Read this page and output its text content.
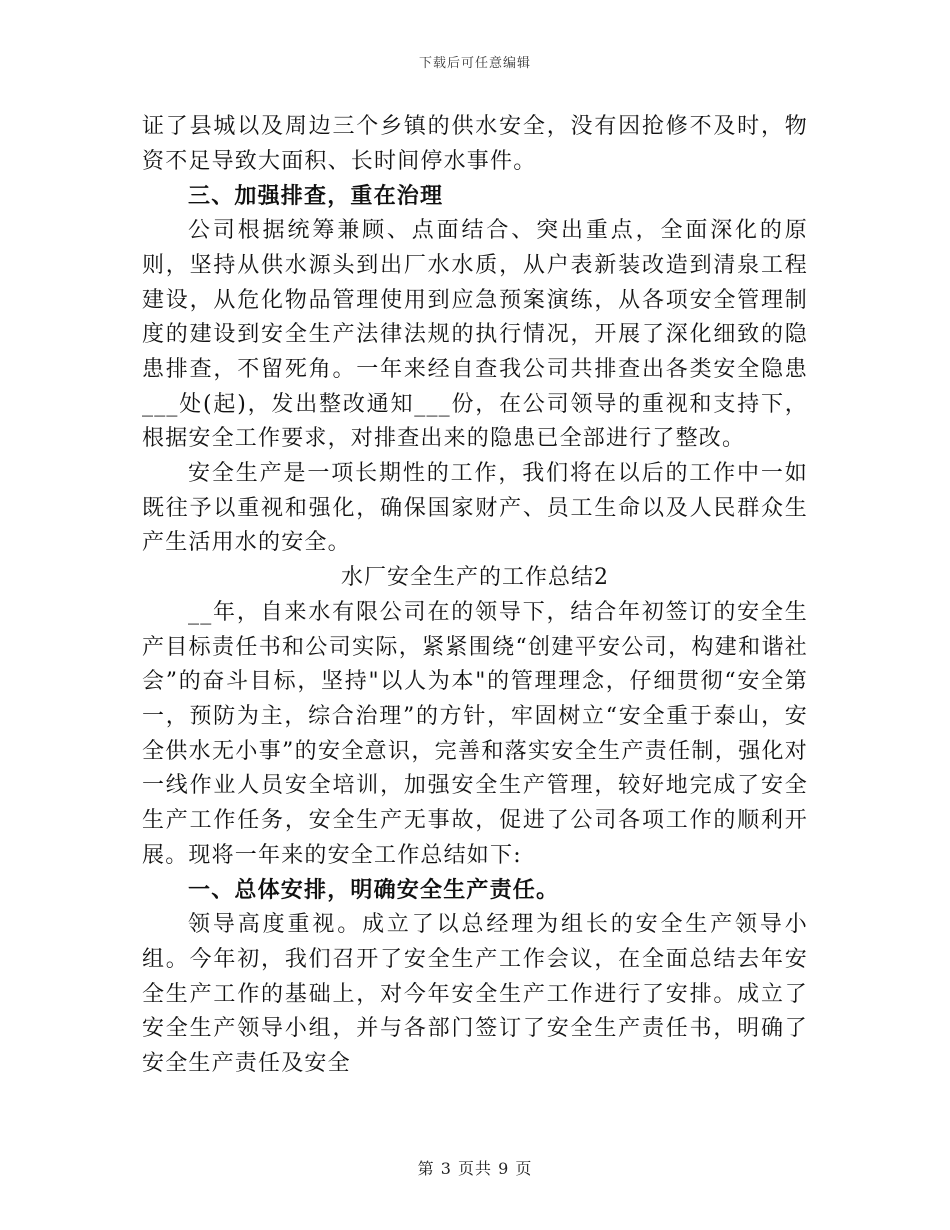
下载后可任意编辑

证了县城以及周边三个乡镇的供水安全，没有因抢修不及时，物资不足导致大面积、长时间停水事件。

三、加强排查，重在治理

公司根据统筹兼顾、点面结合、突出重点，全面深化的原则，坚持从供水源头到出厂水水质，从户表新装改造到清泉工程建设，从危化物品管理使用到应急预案演练，从各项安全管理制度的建设到安全生产法律法规的执行情况，开展了深化细致的隐患排查，不留死角。一年来经自查我公司共排查出各类安全隐患___处(起)，发出整改通知___份，在公司领导的重视和支持下，根据安全工作要求，对排查出来的隐患已全部进行了整改。

安全生产是一项长期性的工作，我们将在以后的工作中一如既往予以重视和强化，确保国家财产、员工生命以及人民群众生产生活用水的安全。

水厂安全生产的工作总结2

__年，自来水有限公司在的领导下，结合年初签订的安全生产目标责任书和公司实际，紧紧围绕“创建平安公司，构建和谐社会”的奋斗目标，坚持"以人为本"的管理理念，仔细贯彻“安全第一，预防为主，综合治理”的方针，牢固树立“安全重于泰山，安全供水无小事”的安全意识，完善和落实安全生产责任制，强化对一线作业人员安全培训，加强安全生产管理，较好地完成了安全生产工作任务，安全生产无事故，促进了公司各项工作的顺利开展。现将一年来的安全工作总结如下:

一、总体安排，明确安全生产责任。

领导高度重视。成立了以总经理为组长的安全生产领导小组。今年初，我们召开了安全生产工作会议，在全面总结去年安全生产工作的基础上，对今年安全生产工作进行了安排。成立了安全生产领导小组，并与各部门签订了安全生产责任书，明确了安全生产责任及安全

第 3 页共 9 页
